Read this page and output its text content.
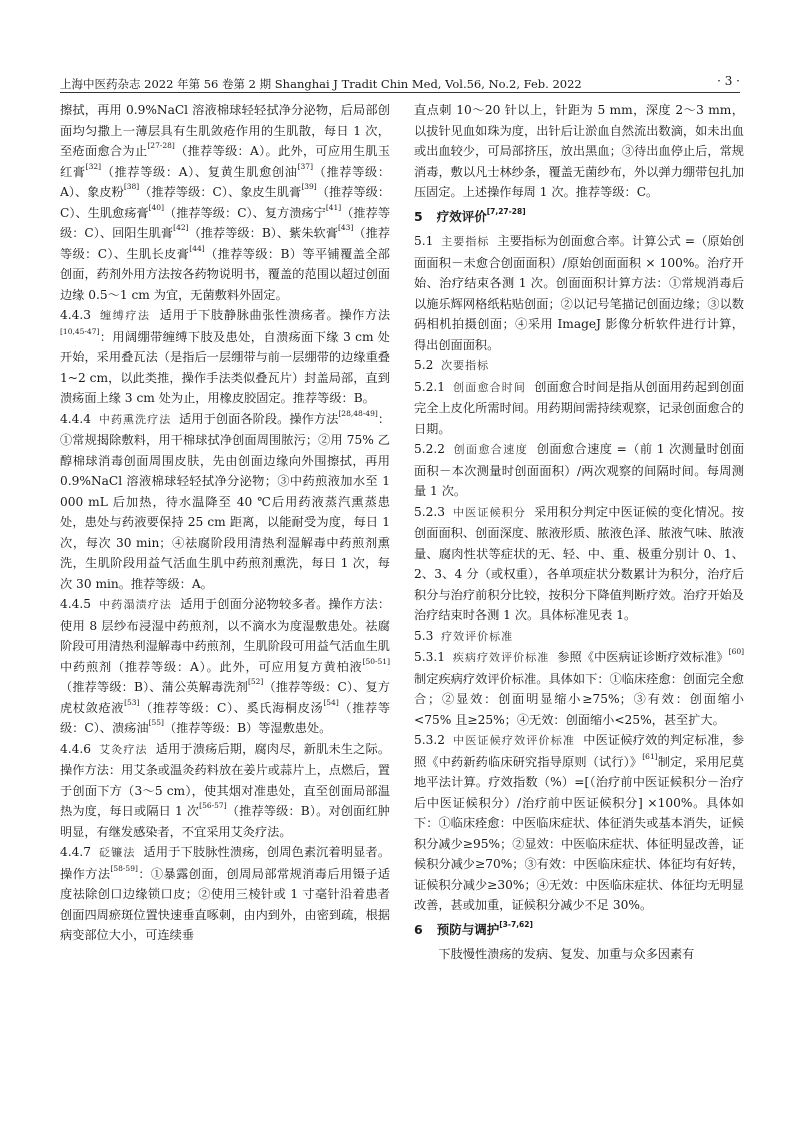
上海中医药杂志 2022 年第 56 卷第 2 期 Shanghai J Tradit Chin Med, Vol.56, No.2, Feb. 2022	· 3 ·

擦拭，再用 0.9%NaCl 溶液棉球轻轻拭净分泌物，后局部创面均匀撒上一薄层具有生肌敛疮作用的生肌散，每日 1 次，至疮面愈合为止[27-28]（推荐等级：A）。此外，可应用生肌玉红膏[32]（推荐等级：A）、复黄生肌愈创油[37]（推荐等级：A）、象皮粉[38]（推荐等级：C）、象皮生肌膏[39]（推荐等级：C）、生肌愈疡膏[40]（推荐等级：C）、复方溃疡宁[41]（推荐等级：C）、回阳生肌膏[42]（推荐等级：B）、紫朱软膏[43]（推荐等级：C）、生肌长皮膏[44]（推荐等级：B）等平铺覆盖全部创面，药剂外用方法按各药物说明书，覆盖的范围以超过创面边缘 0.5～1 cm 为宜，无菌敷料外固定。

4.4.3 缠缚疗法 适用于下肢静脉曲张性溃疡者。操作方法[10,45-47]：用阔绷带缠缚下肢及患处，自溃疡面下缘 3 cm 处开始，采用叠瓦法（是指后一层绷带与前一层绷带的边缘重叠 1~2 cm，以此类推，操作手法类似叠瓦片）封盖局部，直到溃疡面上缘 3 cm 处为止，用橡皮胶固定。推荐等级：B。

4.4.4 中药熏洗疗法 适用于创面各阶段。操作方法[28,48-49]：①常规揭除敷料，用干棉球拭净创面周围脓污；②用 75% 乙醇棉球消毒创面周围皮肤，先由创面边缘向外围擦拭，再用 0.9%NaCl 溶液棉球轻轻拭净分泌物；③中药煎液加水至 1 000 mL 后加热，待水温降至 40 ℃后用药液蒸汽熏蒸患处，患处与药液要保持 25 cm 距离，以能耐受为度，每日 1 次，每次 30 min；④祛腐阶段用清热利湿解毒中药煎剂熏洗，生肌阶段用益气活血生肌中药煎剂熏洗，每日 1 次，每次 30 min。推荐等级：A。

4.4.5 中药溻渍疗法 适用于创面分泌物较多者。操作方法：使用 8 层纱布浸湿中药煎剂，以不滴水为度湿敷患处。祛腐阶段可用清热利湿解毒中药煎剂，生肌阶段可用益气活血生肌中药煎剂（推荐等级：A）。此外，可应用复方黄柏液[50-51]（推荐等级：B）、蒲公英解毒洗剂[52]（推荐等级：C）、复方虎杖敛疮液[53]（推荐等级：C）、奚氏海桐皮汤[54]（推荐等级：C）、溃疡油[55]（推荐等级：B）等湿敷患处。

4.4.6 艾灸疗法 适用于溃疡后期，腐肉尽，新肌未生之际。操作方法：用艾条或温灸药料放在姜片或蒜片上，点燃后，置于创面下方（3～5 cm），使其烟对准患处，直至创面局部温热为度，每日或隔日 1 次[56-57]（推荐等级：B）。对创面红肿明显，有继发感染者，不宜采用艾灸疗法。

4.4.7 砭镰法 适用于下肢脉性溃疡，创周色素沉着明显者。操作方法[58-59]：①暴露创面，创周局部常规消毒后用镊子适度祛除创口边缘锁口皮；②使用三棱针或 1 寸毫针沿着患者创面四周瘀斑位置快速垂直啄刺，由内到外，由密到疏，根据病变部位大小，可连续垂

直点刺 10～20 针以上，针距为 5 mm，深度 2～3 mm，以拔针见血如珠为度，出针后让淤血自然流出数滴，如未出血或出血较少，可局部挤压，放出黑血；③待出血停止后，常规消毒，敷以凡士林纱条，覆盖无菌纱布，外以弹力绷带包扎加压固定。上述操作每周 1 次。推荐等级：C。

5 疗效评价[7,27-28]

5.1 主要指标 主要指标为创面愈合率。计算公式 =（原始创面面积－未愈合创面面积）/原始创面面积 × 100%。治疗开始、治疗结束各测 1 次。创面面积计算方法：①常规消毒后以施乐辉网格纸粘贴创面；②以记号笔描记创面边缘；③以数码相机拍摄创面；④采用 ImageJ 影像分析软件进行计算，得出创面面积。

5.2 次要指标

5.2.1 创面愈合时间 创面愈合时间是指从创面用药起到创面完全上皮化所需时间。用药期间需持续观察，记录创面愈合的日期。

5.2.2 创面愈合速度 创面愈合速度 =（前 1 次测量时创面面积－本次测量时创面面积）/两次观察的间隔时间。每周测量 1 次。

5.2.3 中医证候积分 采用积分判定中医证候的变化情况。按创面面积、创面深度、脓液形质、脓液色泽、脓液气味、脓液量、腐肉性状等症状的无、轻、中、重、极重分别计 0、1、2、3、4 分（或权重），各单项症状分数累计为积分，治疗后积分与治疗前积分比较，按积分下降值判断疗效。治疗开始及治疗结束时各测 1 次。具体标准见表 1。

5.3 疗效评价标准

5.3.1 疾病疗效评价标准 参照《中医病证诊断疗效标准》[60]制定疾病疗效评价标准。具体如下：①临床痊愈：创面完全愈合；②显效：创面明显缩小≥75%；③有效：创面缩小<75% 且≥25%；④无效：创面缩小<25%，甚至扩大。

5.3.2 中医证候疗效评价标准 中医证候疗效的判定标准，参照《中药新药临床研究指导原则（试行）》[61]制定，采用尼莫地平法计算。疗效指数（%）=[（治疗前中医证候积分－治疗后中医证候积分）/治疗前中医证候积分] ×100%。具体如下：①临床痊愈：中医临床症状、体征消失或基本消失，证候积分减少≥95%；②显效：中医临床症状、体征明显改善，证候积分减少≥70%；③有效：中医临床症状、体征均有好转，证候积分减少≥30%；④无效：中医临床症状、体征均无明显改善，甚或加重，证候积分减少不足 30%。

6 预防与调护[3-7,62]

下肢慢性溃疡的发病、复发、加重与众多因素有
